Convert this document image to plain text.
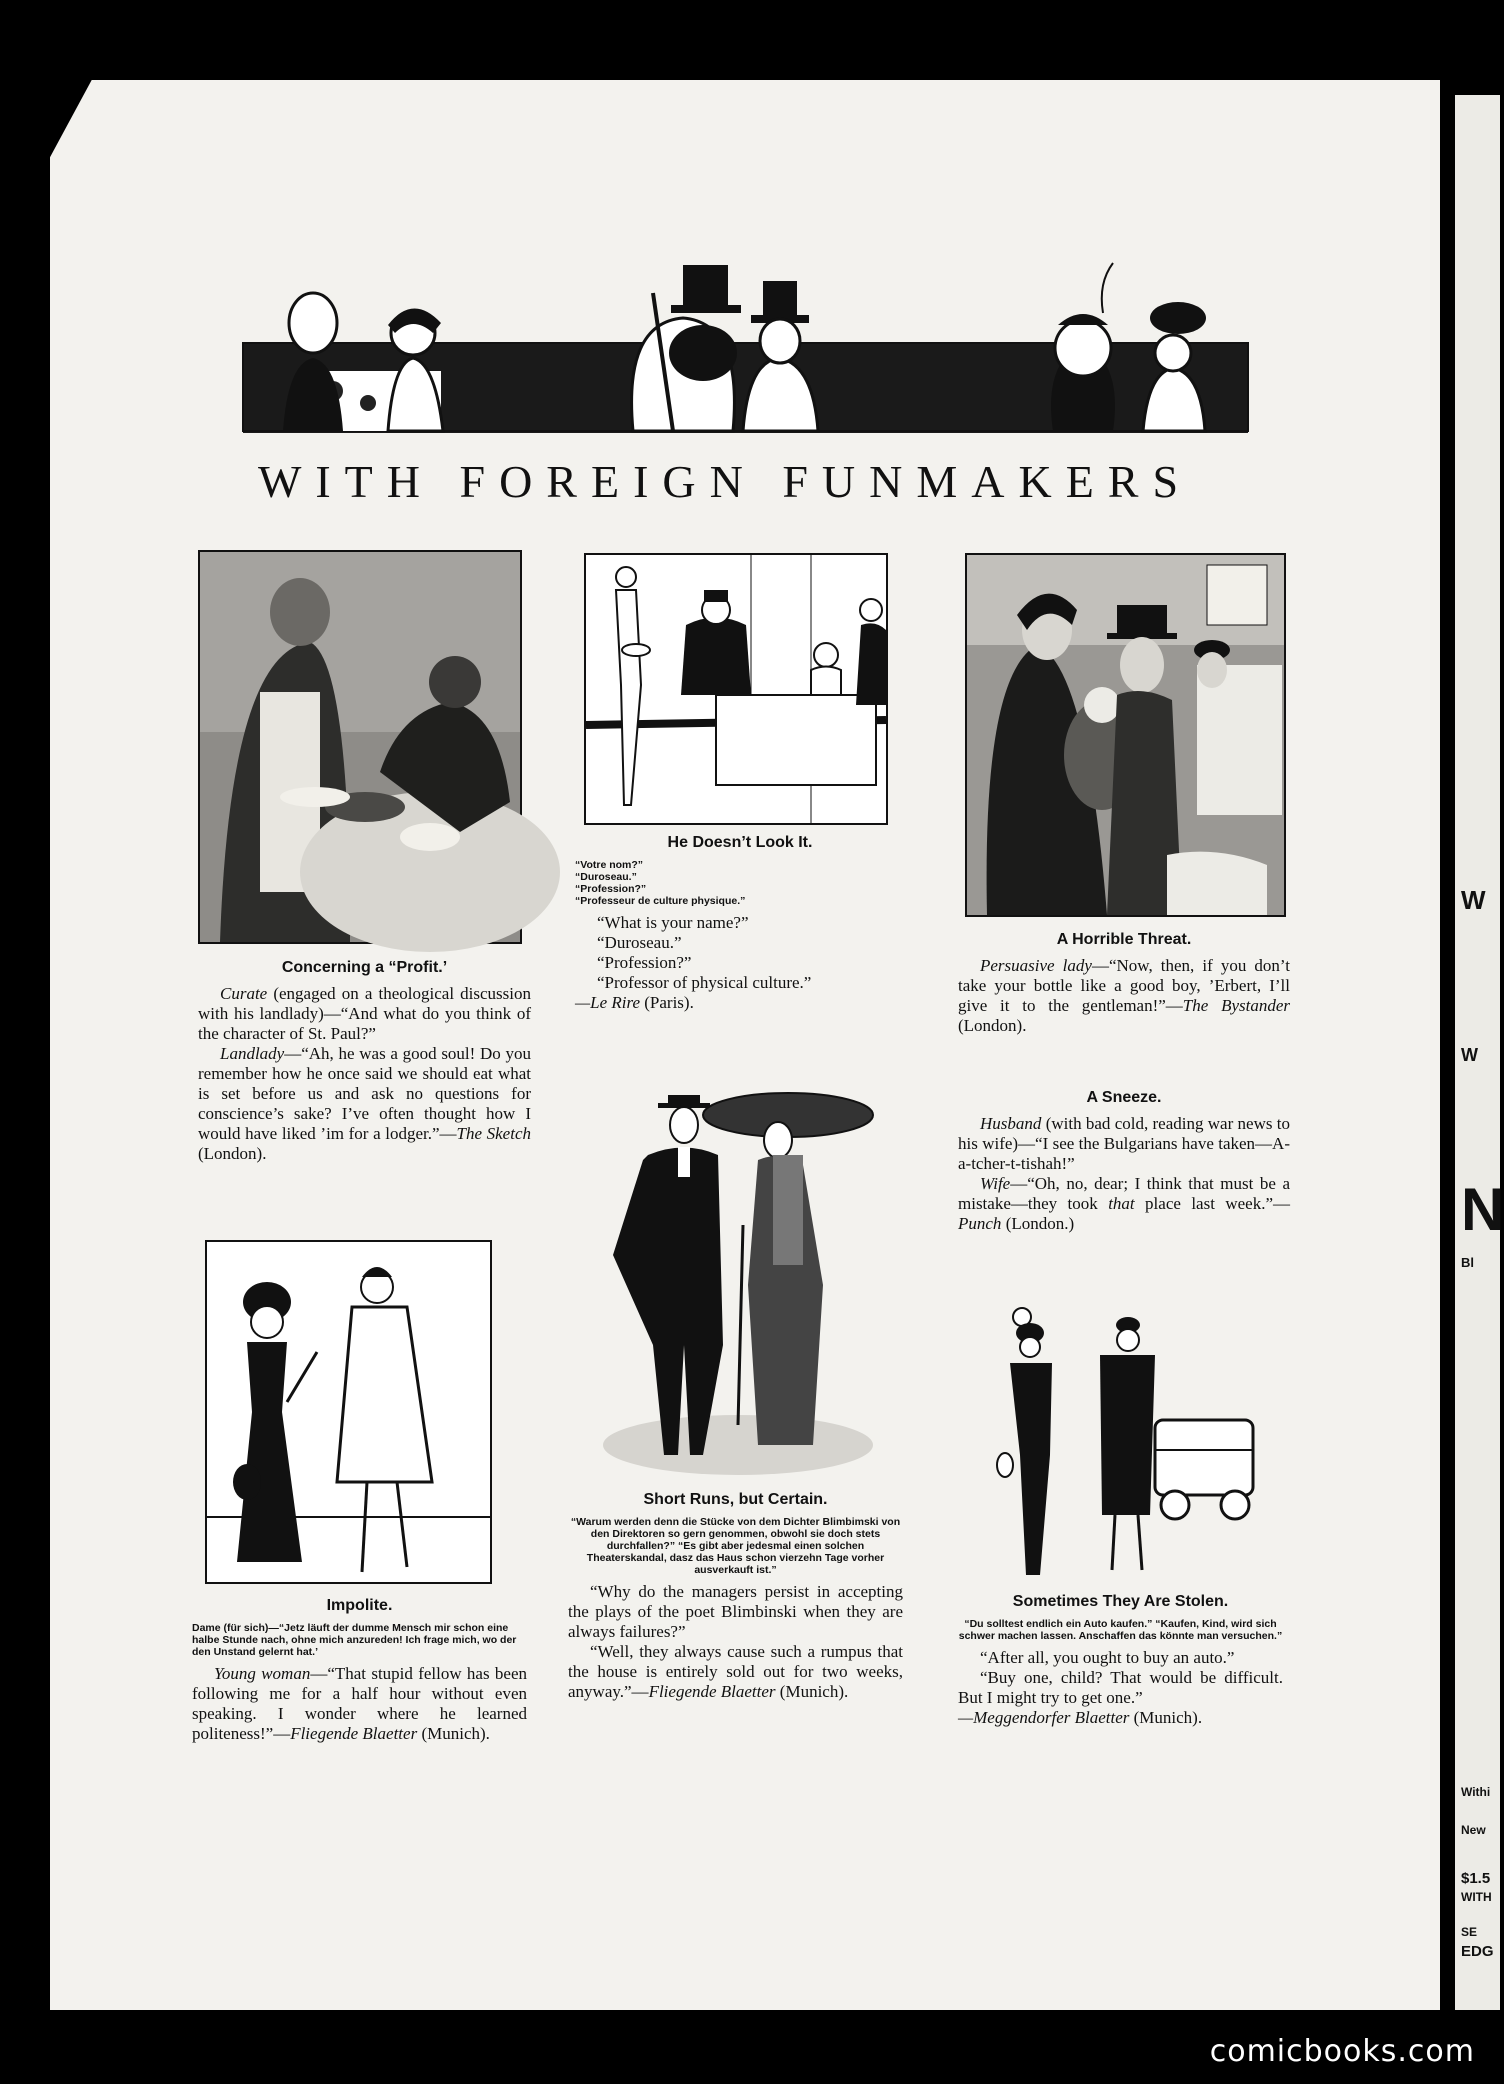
W
W
N
Bl
Withi
New
$1.5
WITH
SE
EDG
WITH FOREIGN FUNMAKERS
Concerning a “Profit.’

Curate (engaged on a theological discussion with his landlady)—“And what do you think of the character of St. Paul?”

Landlady—“Ah, he was a good soul! Do you remember how he once said we should eat what is set before us and ask no questions for conscience’s sake? I’ve often thought how I would have liked ’im for a lodger.”—The Sketch (London).

Impolite.
Dame (für sich)—“Jetz läuft der dumme Mensch mir schon eine halbe Stunde nach, ohne mich anzureden! Ich frage mich, wo der den Unstand gelernt hat.’

Young woman—“That stupid fellow has been following me for a half hour without even speaking. I wonder where he learned politeness!”—Fliegende Blaetter (Munich).

He Doesn’t Look It.
“Votre nom?”
“Duroseau.”
“Profession?”
“Professeur de culture physique.”

“What is your name?”

“Duroseau.”

“Profession?”

“Professor of physical culture.”

—Le Rire (Paris).

Short Runs, but Certain.
“Warum werden denn die Stücke von dem Dichter Blimbimski von den Direktoren so gern genommen, obwohl sie doch stets durchfallen?” “Es gibt aber jedesmal einen solchen Theaterskandal, dasz das Haus schon vierzehn Tage vorher ausverkauft ist.”

“Why do the managers persist in accepting the plays of the poet Blimbinski when they are always failures?”

“Well, they always cause such a rumpus that the house is entirely sold out for two weeks, anyway.”—Fliegende Blaetter (Munich).

A Horrible Threat.

Persuasive lady—“Now, then, if you don’t take your bottle like a good boy, ’Erbert, I’ll give it to the gentleman!”—The Bystander (London).

A Sneeze.

Husband (with bad cold, reading war news to his wife)—“I see the Bulgarians have taken—A-a-tcher-t-tishah!”

Wife—“Oh, no, dear; I think that must be a mistake—they took that place last week.”—Punch (London.)

Sometimes They Are Stolen.
“Du solltest endlich ein Auto kaufen.” “Kaufen, Kind, wird sich schwer machen lassen. Anschaffen das könnte man versuchen.”

“After all, you ought to buy an auto.”

“Buy one, child? That would be difficult. But I might try to get one.”

—Meggendorfer Blaetter (Munich).

comicbooks.com
